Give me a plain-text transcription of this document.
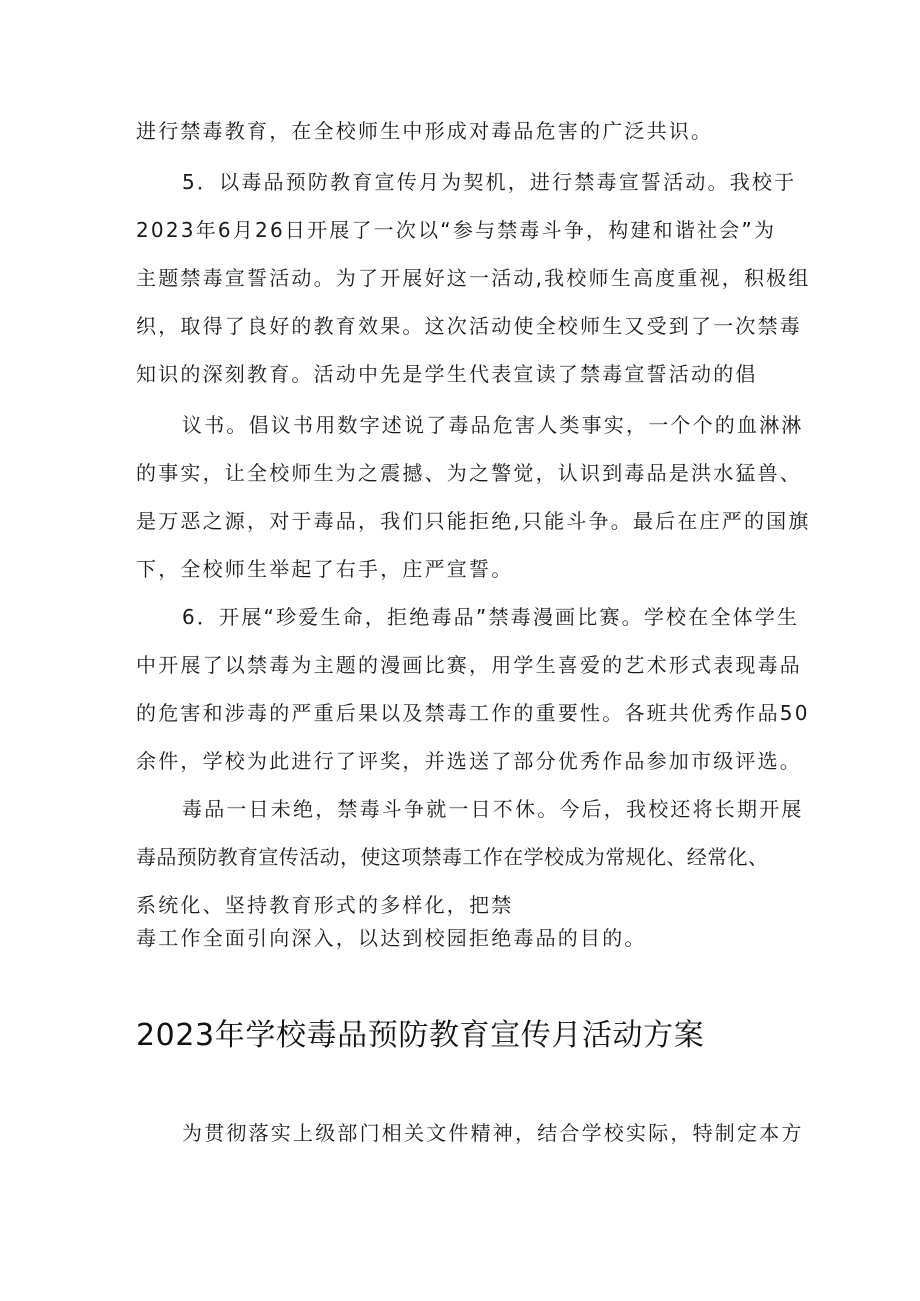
进行禁毒教育，在全校师生中形成对毒品危害的广泛共识。
5．以毒品预防教育宣传月为契机，进行禁毒宣誓活动。我校于
2023年6月26日开展了一次以“参与禁毒斗争，构建和谐社会”为
主题禁毒宣誓活动。为了开展好这一活动,我校师生高度重视，积极组
织，取得了良好的教育效果。这次活动使全校师生又受到了一次禁毒
知识的深刻教育。活动中先是学生代表宣读了禁毒宣誓活动的倡
议书。倡议书用数字述说了毒品危害人类事实，一个个的血淋淋
的事实，让全校师生为之震撼、为之警觉，认识到毒品是洪水猛兽、
是万恶之源，对于毒品，我们只能拒绝,只能斗争。最后在庄严的国旗
下，全校师生举起了右手，庄严宣誓。
6．开展“珍爱生命，拒绝毒品”禁毒漫画比赛。学校在全体学生
中开展了以禁毒为主题的漫画比赛，用学生喜爱的艺术形式表现毒品
的危害和涉毒的严重后果以及禁毒工作的重要性。各班共优秀作品50
余件，学校为此进行了评奖，并选送了部分优秀作品参加市级评选。
毒品一日未绝，禁毒斗争就一日不休。今后，我校还将长期开展
毒品预防教育宣传活动，使这项禁毒工作在学校成为常规化、经常化、
系统化、坚持教育形式的多样化，把禁
毒工作全面引向深入，以达到校园拒绝毒品的目的。
2023年学校毒品预防教育宣传月活动方案
为贯彻落实上级部门相关文件精神，结合学校实际，特制定本方
